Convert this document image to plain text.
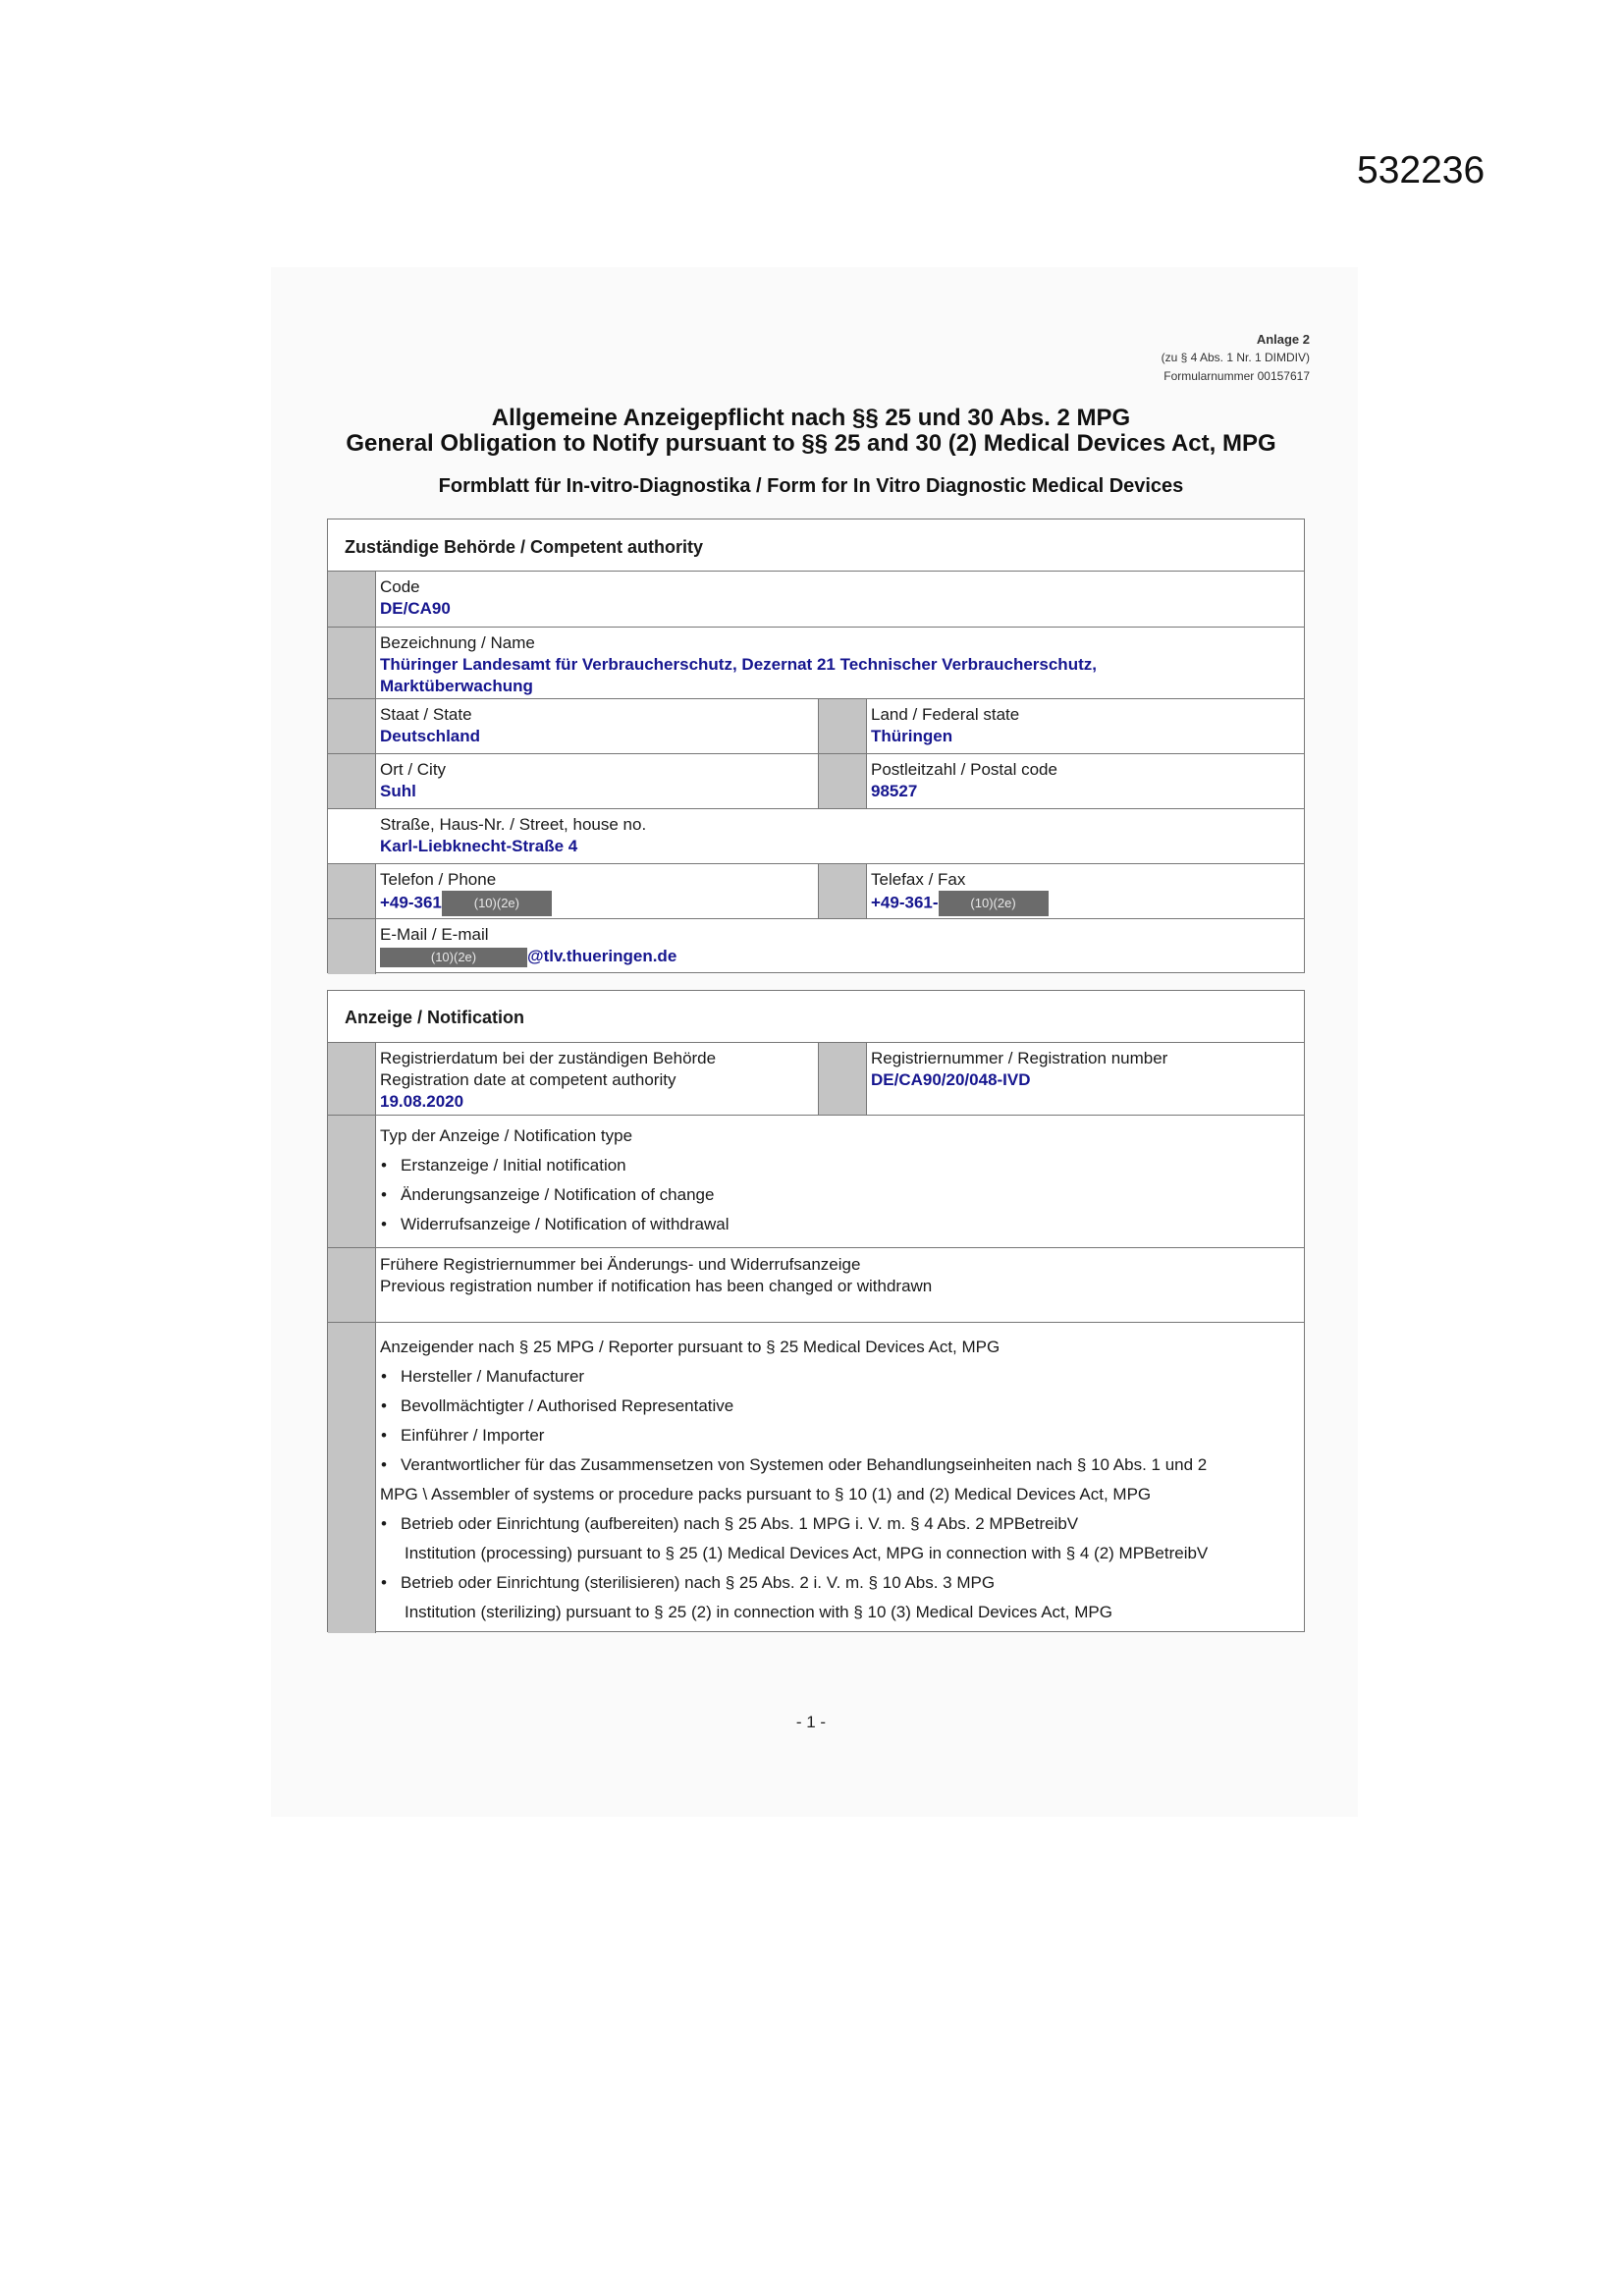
532236
Anlage 2
(zu § 4 Abs. 1 Nr. 1 DIMDIV)
Formularnummer 00157617
Allgemeine Anzeigepflicht nach §§ 25 und 30 Abs. 2 MPG
General Obligation to Notify pursuant to §§ 25 and 30 (2) Medical Devices Act, MPG
Formblatt für In-vitro-Diagnostika / Form for In Vitro Diagnostic Medical Devices
Zuständige Behörde / Competent authority
Code
DE/CA90
Bezeichnung / Name
Thüringer Landesamt für Verbraucherschutz, Dezernat 21 Technischer Verbraucherschutz,
Marktüberwachung
Staat / State
Deutschland
Land / Federal state
Thüringen
Ort / City
Suhl
Postleitzahl / Postal code
98527
Straße, Haus-Nr. / Street, house no.
Karl-Liebknecht-Straße 4
Telefon / Phone
+49-361	(10)(2e)
Telefax / Fax
+49-361-	(10)(2e)
E-Mail / E-mail
(10)(2e)	@tlv.thueringen.de
Anzeige / Notification
Registrierdatum bei der zuständigen Behörde
Registration date at competent authority
19.08.2020
Registriernummer / Registration number
DE/CA90/20/048-IVD
Typ der Anzeige / Notification type
• Erstanzeige / Initial notification
• Änderungsanzeige / Notification of change
• Widerrufsanzeige / Notification of withdrawal
Frühere Registriernummer bei Änderungs- und Widerrufsanzeige
Previous registration number if notification has been changed or withdrawn
Anzeigender nach § 25 MPG / Reporter pursuant to § 25 Medical Devices Act, MPG
• Hersteller / Manufacturer
• Bevollmächtigter / Authorised Representative
• Einführer / Importer
• Verantwortlicher für das Zusammensetzen von Systemen oder Behandlungseinheiten nach § 10 Abs. 1 und 2
MPG \ Assembler of systems or procedure packs pursuant to § 10 (1) and (2) Medical Devices Act, MPG
• Betrieb oder Einrichtung (aufbereiten) nach § 25 Abs. 1 MPG i. V. m. § 4 Abs. 2 MPBetreibV
Institution (processing) pursuant to § 25 (1) Medical Devices Act, MPG in connection with § 4 (2) MPBetreibV
• Betrieb oder Einrichtung (sterilisieren) nach § 25 Abs. 2 i. V. m. § 10 Abs. 3 MPG
Institution (sterilizing) pursuant to § 25 (2) in connection with § 10 (3) Medical Devices Act, MPG
- 1 -
